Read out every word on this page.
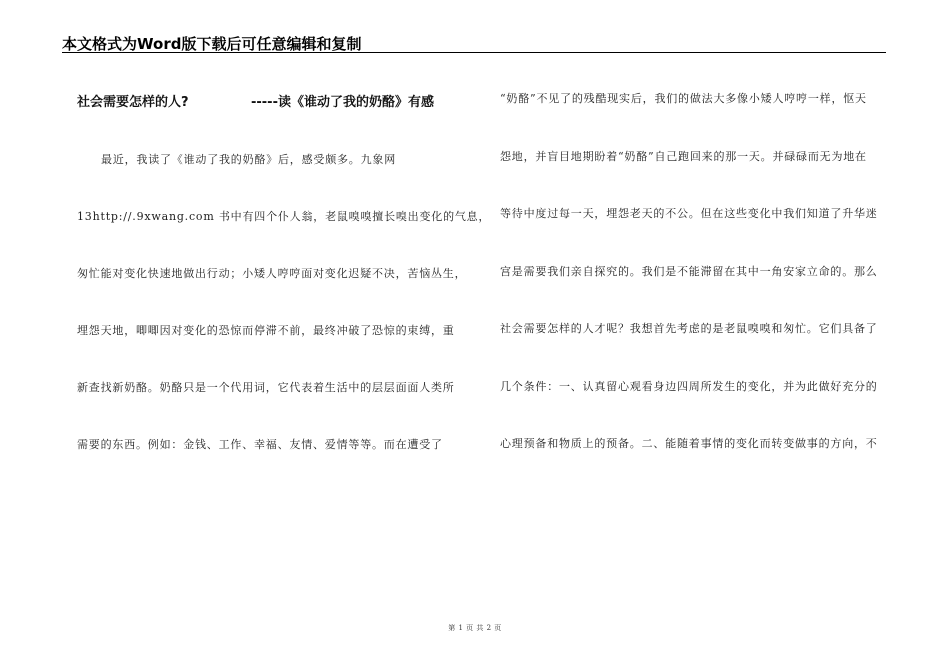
本文格式为Word版下载后可任意编辑和复制
社会需要怎样的人?	-----读《谁动了我的奶酪》有感
最近，我读了《谁动了我的奶酪》后，感受颇多。九象网
13http://.9xwang.com 书中有四个仆人翁，老鼠嗅嗅擅长嗅出变化的气息，
匆忙能对变化快速地做出行动；小矮人哼哼面对变化迟疑不决，苦恼丛生，
埋怨天地，唧唧因对变化的恐惊而停滞不前，最终冲破了恐惊的束缚，重
新查找新奶酪。奶酪只是一个代用词，它代表着生活中的层层面面人类所
需要的东西。例如：金钱、工作、幸福、友情、爱情等等。而在遭受了
“奶酪”不见了的残酷现实后，我们的做法大多像小矮人哼哼一样，怄天
怨地，并盲目地期盼着“奶酪”自己跑回来的那一天。并碌碌而无为地在
等待中度过每一天，埋怨老天的不公。但在这些变化中我们知道了升华迷
宫是需要我们亲自探究的。我们是不能滞留在其中一角安家立命的。那么
社会需要怎样的人才呢？我想首先考虑的是老鼠嗅嗅和匆忙。它们具备了
几个条件：一、认真留心观看身边四周所发生的变化，并为此做好充分的
心理预备和物质上的预备。二、能随着事情的变化而转变做事的方向，不
第 1 页 共 2 页
